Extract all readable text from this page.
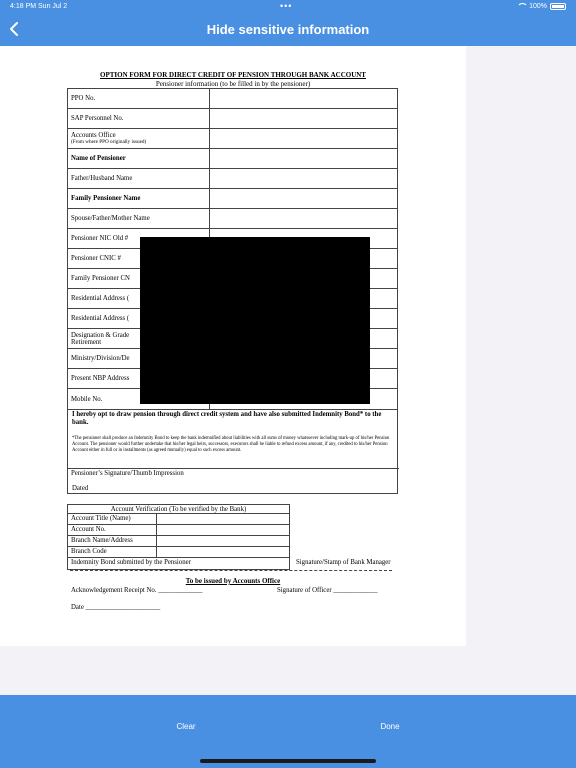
4:18 PM Sun Jul 2	•••	100%
Hide sensitive information
OPTION FORM FOR DIRECT CREDIT OF PENSION THROUGH BANK ACCOUNT
Pensioner information (to be filled in by the pensioner)
PPO No.
SAP Personnel No.
Accounts Office
(From where PPO originally issued)
Name of Pensioner
Father/Husband Name
Family Pensioner Name
Spouse/Father/Mother Name
Pensioner NIC Old #
Pensioner CNIC #
Family Pensioner CN
Residential Address (
Residential Address (
Designation & Grade
Retirement
Ministry/Division/De
Present NBP Address
Mobile No.
I hereby opt to draw pension through direct credit system and have also submitted Indemnity Bond* to the bank.
*The pensioner shall produce an Indemnity Bond to keep the bank indemnified about liabilities with all sums of money whatsoever including mark-up of his/her Pension Account. The pensioner would further undertake that his/her legal heirs, successors, executors shall be liable to refund excess amount, if any, credited to his/her Pension Account either in full or in installments (as agreed mutually) equal to such excess amount.
Pensioner’s Signature/Thumb Impression
Dated
Account Verification (To be verified by the Bank)
Account Title (Name)
Account No.
Branch Name/Address
Branch Code
Indemnity Bond submitted by the Pensioner	Signature/Stamp of Bank Manager
To be issued by Accounts Office
Acknowledgement Receipt No. _____________	Signature of Officer _____________
Date ______________________
Clear	Done
